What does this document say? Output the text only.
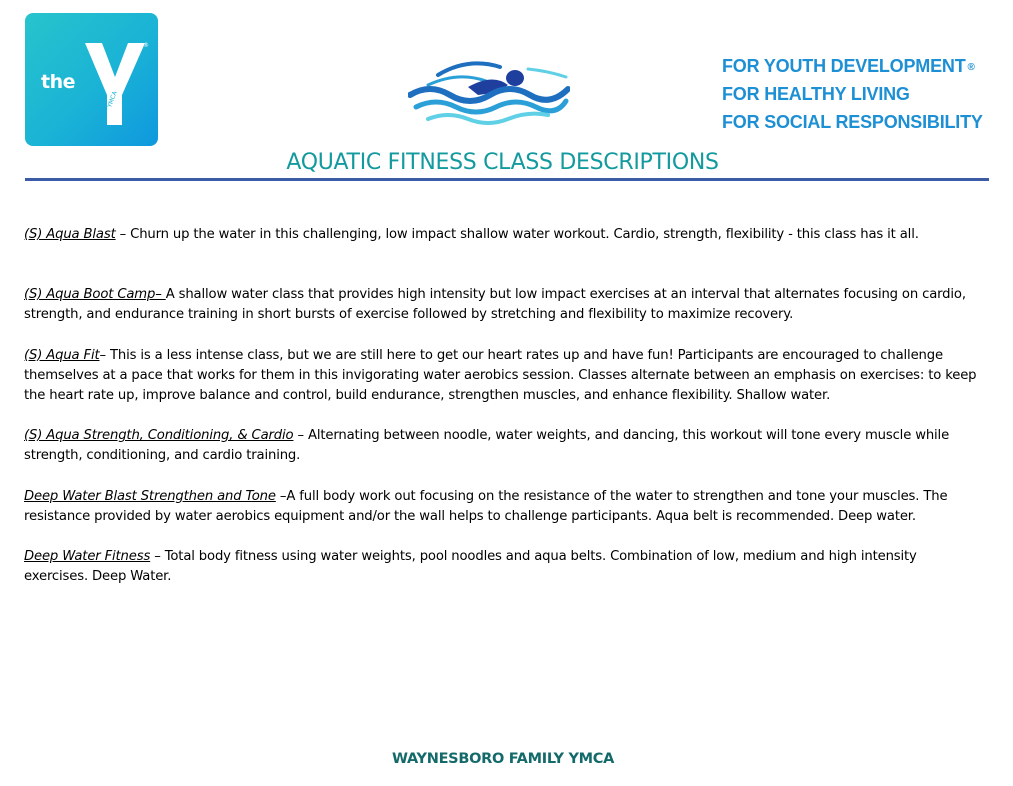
YMCA
®
the
FOR YOUTH DEVELOPMENT ®
FOR HEALTHY LIVING
FOR SOCIAL RESPONSIBILITY
AQUATIC FITNESS CLASS DESCRIPTIONS

(S) Aqua Blast – Churn up the water in this challenging, low impact shallow water workout. Cardio, strength, flexibility - this class has it all.

(S) Aqua Boot Camp– A shallow water class that provides high intensity but low impact exercises at an interval that alternates focusing on cardio, strength, and endurance training in short bursts of exercise followed by stretching and flexibility to maximize recovery.

(S) Aqua Fit– This is a less intense class, but we are still here to get our heart rates up and have fun! Participants are encouraged to challenge themselves at a pace that works for them in this invigorating water aerobics session. Classes alternate between an emphasis on exercises: to keep the heart rate up, improve balance and control, build endurance, strengthen muscles, and enhance flexibility. Shallow water.

(S) Aqua Strength, Conditioning, & Cardio – Alternating between noodle, water weights, and dancing, this workout will tone every muscle while strength, conditioning, and cardio training.

Deep Water Blast Strengthen and Tone –A full body work out focusing on the resistance of the water to strengthen and tone your muscles. The resistance provided by water aerobics equipment and/or the wall helps to challenge participants. Aqua belt is recommended. Deep water.

Deep Water Fitness – Total body fitness using water weights, pool noodles and aqua belts. Combination of low, medium and high intensity exercises. Deep Water.

WAYNESBORO FAMILY YMCA
